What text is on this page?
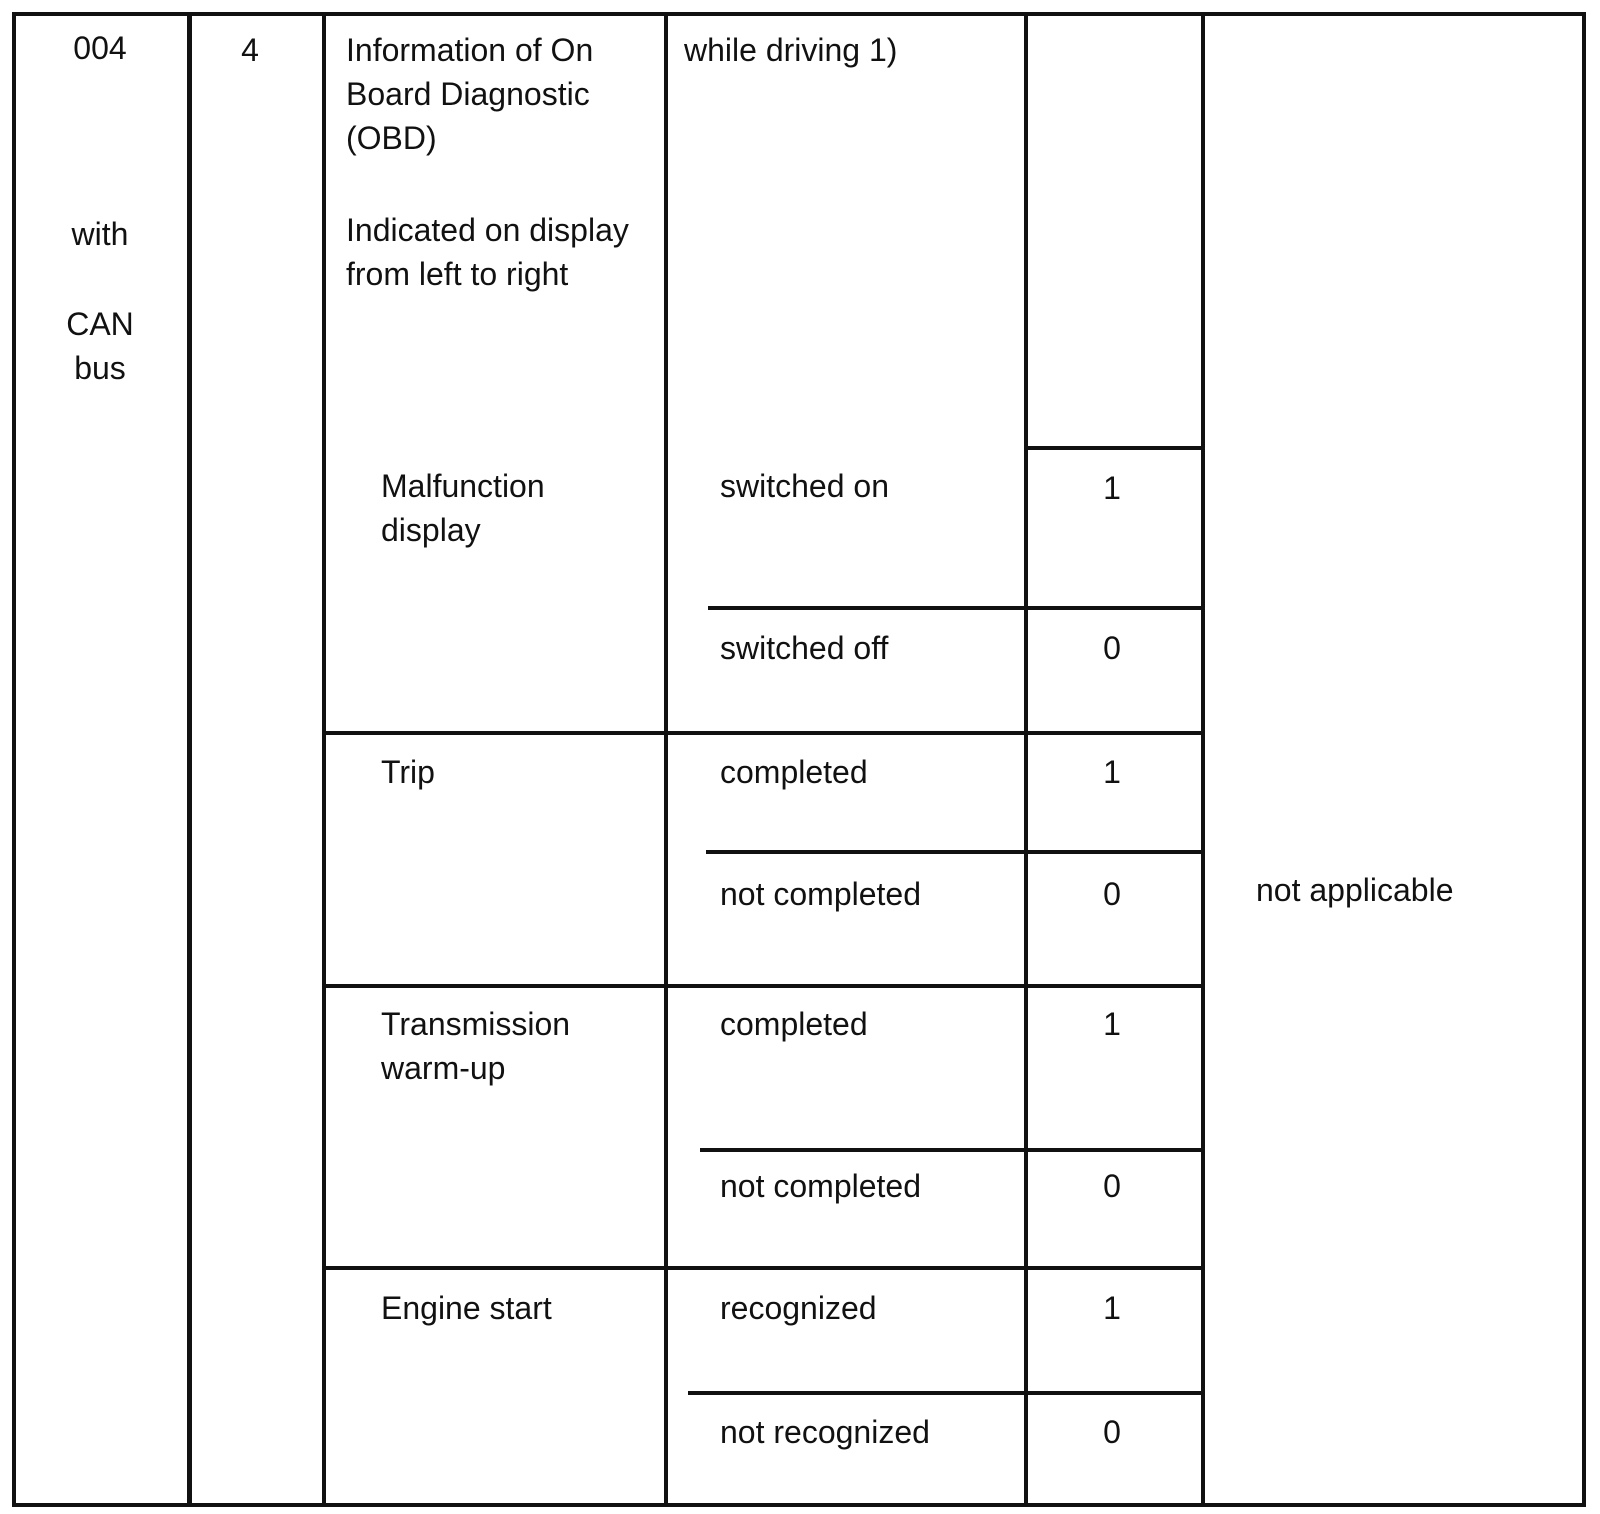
004
with
CAN
bus
4	Information of On Board Diagnostic (OBD)
Indicated on display from left to right
while driving 1)
Malfunction display
Trip
Transmission warm-up
Engine start
switched on
switched off
completed
not completed
completed
not completed
recognized
not recognized
1
0
1
0
1
0
1
0
not applicable
